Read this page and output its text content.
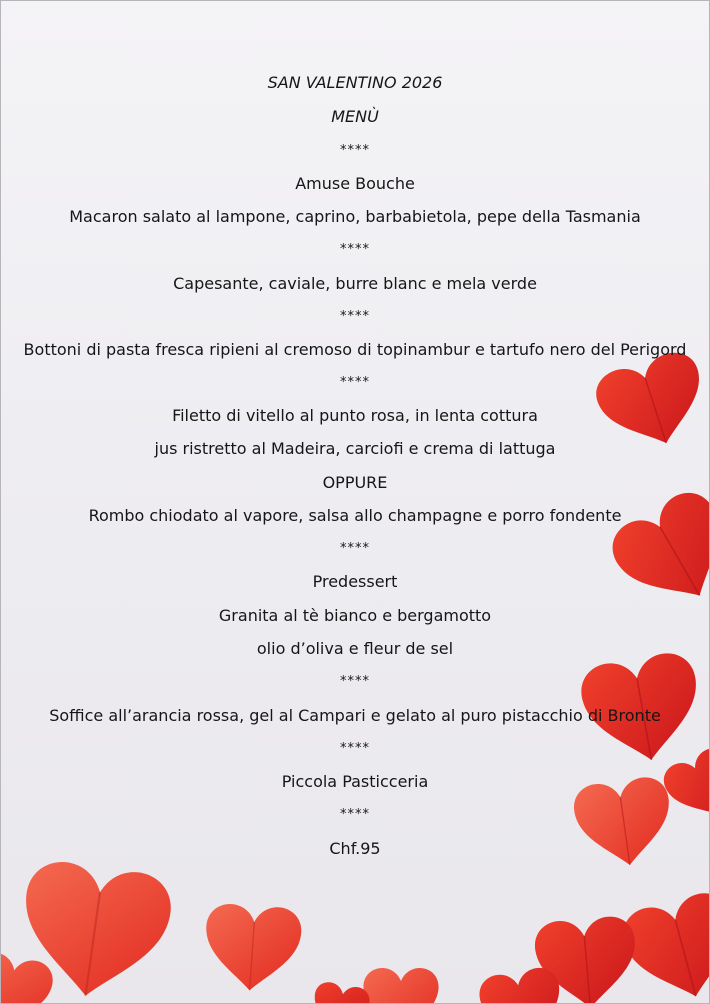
SAN VALENTINO 2026
MENÙ
****
Amuse Bouche
Macaron salato al lampone, caprino, barbabietola, pepe della Tasmania
****
Capesante, caviale, burre blanc e mela verde
****
Bottoni di pasta fresca ripieni al cremoso di topinambur e tartufo nero del Perigord
****
Filetto di vitello al punto rosa, in lenta cottura
jus ristretto al Madeira, carciofi e crema di lattuga
OPPURE
Rombo chiodato al vapore, salsa allo champagne e porro fondente
****
Predessert
Granita al tè bianco e bergamotto
olio d’oliva e fleur de sel
****
Soffice all’arancia rossa, gel al Campari e gelato al puro pistacchio di Bronte
****
Piccola Pasticceria
****
Chf.95
